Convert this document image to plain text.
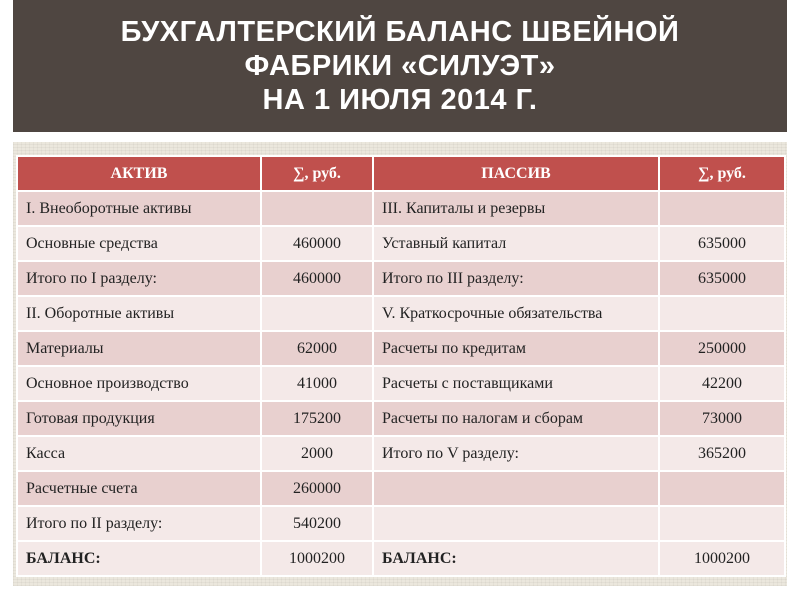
БУХГАЛТЕРСКИЙ БАЛАНС ШВЕЙНОЙ
ФАБРИКИ «СИЛУЭТ»
НА 1 ИЮЛЯ 2014 Г.
АКТИВ	∑, руб.	ПАССИВ	∑, руб.
I. Внеоборотные активы		III. Капиталы и резервы	
Основные средства	460000	Уставный капитал	635000
Итого по I разделу:	460000	Итого по III разделу:	635000
II. Оборотные активы		V. Краткосрочные обязательства	
Материалы	62000	Расчеты по кредитам	250000
Основное производство	41000	Расчеты с поставщиками	42200
Готовая продукция	175200	Расчеты по налогам и сборам	73000
Касса	2000	Итого по V разделу:	365200
Расчетные счета	260000		
Итого по II разделу:	540200		
БАЛАНС:	1000200	БАЛАНС:	1000200
